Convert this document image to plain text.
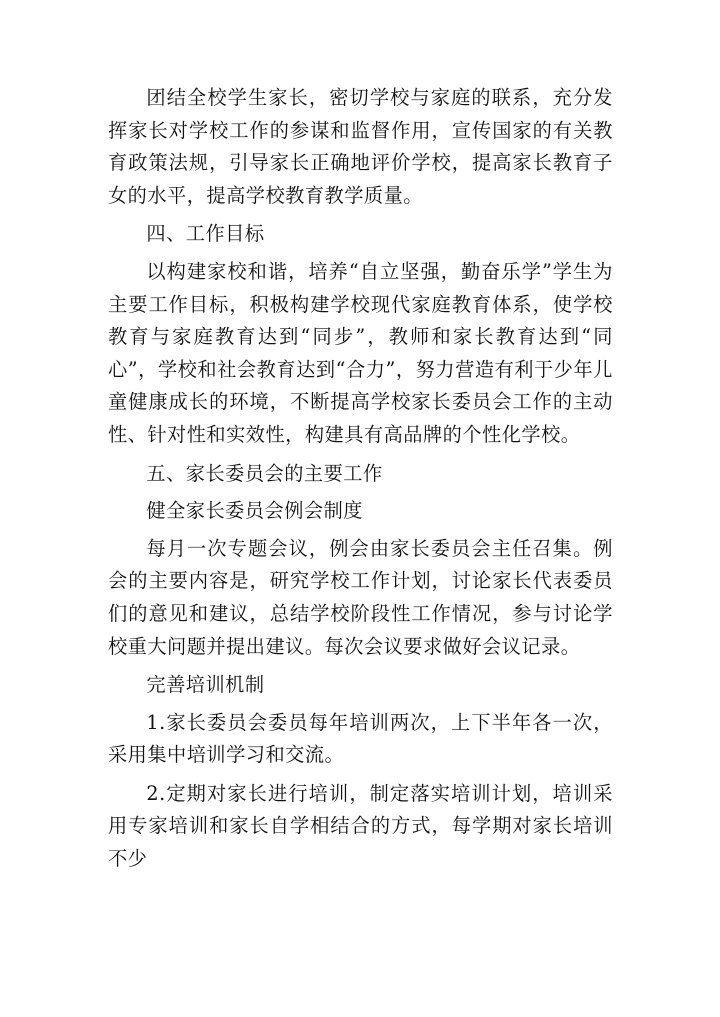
团结全校学生家长，密切学校与家庭的联系，充分发挥家长对学校工作的参谋和监督作用，宣传国家的有关教育政策法规，引导家长正确地评价学校，提高家长教育子女的水平，提高学校教育教学质量。

四、工作目标

以构建家校和谐，培养“自立坚强，勤奋乐学”学生为主要工作目标，积极构建学校现代家庭教育体系，使学校教育与家庭教育达到“同步”，教师和家长教育达到“同心”，学校和社会教育达到“合力”，努力营造有利于少年儿童健康成长的环境，不断提高学校家长委员会工作的主动性、针对性和实效性，构建具有高品牌的个性化学校。

五、家长委员会的主要工作

健全家长委员会例会制度

每月一次专题会议，例会由家长委员会主任召集。例会的主要内容是，研究学校工作计划，讨论家长代表委员们的意见和建议，总结学校阶段性工作情况，参与讨论学校重大问题并提出建议。每次会议要求做好会议记录。

完善培训机制

1.家长委员会委员每年培训两次，上下半年各一次，采用集中培训学习和交流。

2.定期对家长进行培训，制定落实培训计划，培训采用专家培训和家长自学相结合的方式，每学期对家长培训不少
